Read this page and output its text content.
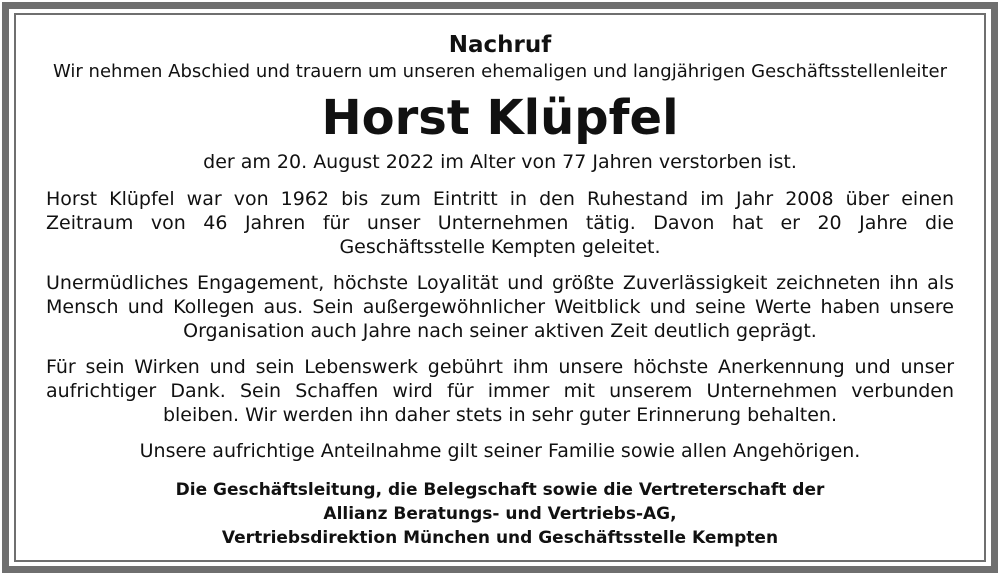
Nachruf

Wir nehmen Abschied und trauern um unseren ehemaligen und langjährigen Geschäftsstellenleiter

Horst Klüpfel

der am 20. August 2022 im Alter von 77 Jahren verstorben ist.

Horst Klüpfel war von 1962 bis zum Eintritt in den Ruhestand im Jahr 2008 über einen Zeitraum von 46 Jahren für unser Unternehmen tätig. Davon hat er 20 Jahre die Geschäftsstelle Kempten geleitet.

Unermüdliches Engagement, höchste Loyalität und größte Zuverlässigkeit zeichneten ihn als Mensch und Kollegen aus. Sein außergewöhnlicher Weitblick und seine Werte haben unsere Organisation auch Jahre nach seiner aktiven Zeit deutlich geprägt.

Für sein Wirken und sein Lebenswerk gebührt ihm unsere höchste Anerkennung und unser aufrichtiger Dank. Sein Schaffen wird für immer mit unserem Unternehmen verbunden bleiben. Wir werden ihn daher stets in sehr guter Erinnerung behalten.

Unsere aufrichtige Anteilnahme gilt seiner Familie sowie allen Angehörigen.

Die Geschäftsleitung, die Belegschaft sowie die Vertreterschaft der
Allianz Beratungs- und Vertriebs-AG,
Vertriebsdirektion München und Geschäftsstelle Kempten
